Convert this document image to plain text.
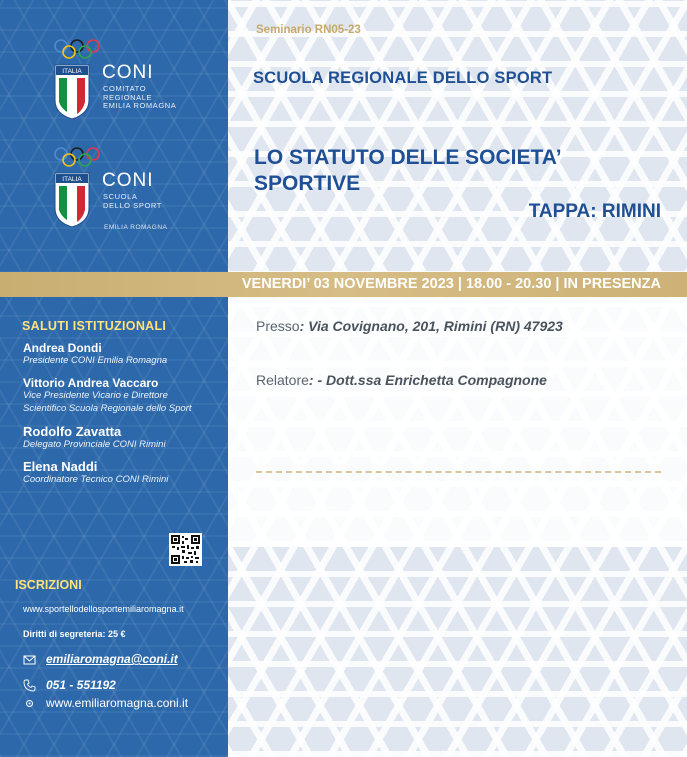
ITALIA CONI
COMITATO
REGIONALE
EMILIA ROMAGNA
ITALIA CONI
SCUOLA
DELLO SPORT
EMILIA ROMAGNA
Seminario RN05-23
SCUOLA REGIONALE DELLO SPORT
LO STATUTO DELLE SOCIETA’
SPORTIVE
TAPPA: RIMINI
VENERDI’ 03 NOVEMBRE 2023 | 18.00 - 20.30 | IN PRESENZA
SALUTI ISTITUZIONALI
Andrea Dondi
Presidente CONI Emilia Romagna
Vittorio Andrea Vaccaro
Vice Presidente Vicario e Direttore
Scientifico Scuola Regionale dello Sport
Rodolfo Zavatta
Delegato Provinciale CONI Rimini
Elena Naddi
Coordinatore Tecnico CONI Rimini
ISCRIZIONI
www.sportellodellosportemiliaromagna.it
Diritti di segreteria: 25 €
emiliaromagna@coni.it
051 - 551192
www.emiliaromagna.coni.it
Presso: Via Covignano, 201, Rimini (RN) 47923
Relatore: - Dott.ssa Enrichetta Compagnone
